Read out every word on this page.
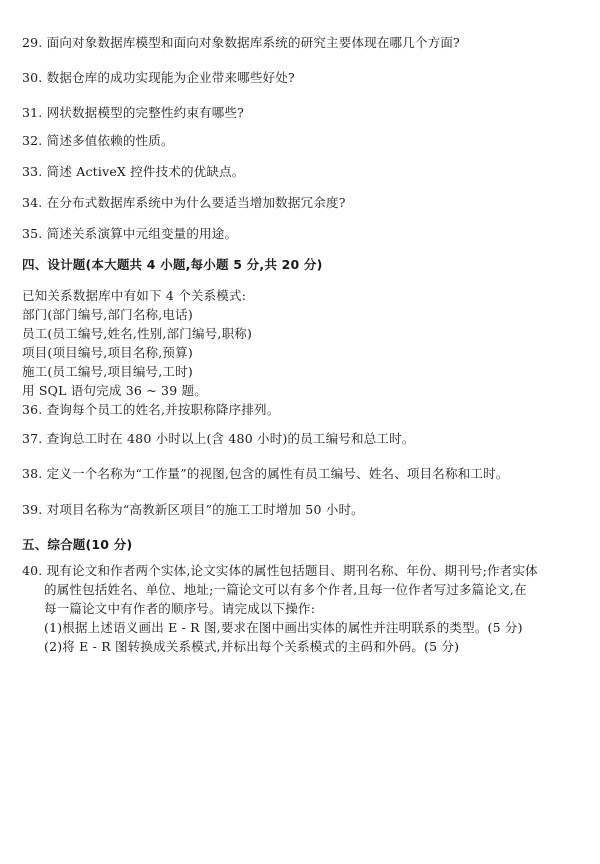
29. 面向对象数据库模型和面向对象数据库系统的研究主要体现在哪几个方面?
30. 数据仓库的成功实现能为企业带来哪些好处?
31. 网状数据模型的完整性约束有哪些?
32. 简述多值依赖的性质。
33. 简述 ActiveX 控件技术的优缺点。
34. 在分布式数据库系统中为什么要适当增加数据冗余度?
35. 简述关系演算中元组变量的用途。
四、设计题(本大题共 4 小题,每小题 5 分,共 20 分)
已知关系数据库中有如下 4 个关系模式:
部门(部门编号,部门名称,电话)
员工(员工编号,姓名,性别,部门编号,职称)
项目(项目编号,项目名称,预算)
施工(员工编号,项目编号,工时)
用 SQL 语句完成 36 ~ 39 题。
36. 查询每个员工的姓名,并按职称降序排列。
37. 查询总工时在 480 小时以上(含 480 小时)的员工编号和总工时。
38. 定义一个名称为“工作量”的视图,包含的属性有员工编号、姓名、项目名称和工时。
39. 对项目名称为“高教新区项目”的施工工时增加 50 小时。
五、综合题(10 分)
40. 现有论文和作者两个实体,论文实体的属性包括题目、期刊名称、年份、期刊号;作者实体
的属性包括姓名、单位、地址;一篇论文可以有多个作者,且每一位作者写过多篇论文,在
每一篇论文中有作者的顺序号。请完成以下操作:
(1)根据上述语义画出 E - R 图,要求在图中画出实体的属性并注明联系的类型。(5 分)
(2)将 E - R 图转换成关系模式,并标出每个关系模式的主码和外码。(5 分)
